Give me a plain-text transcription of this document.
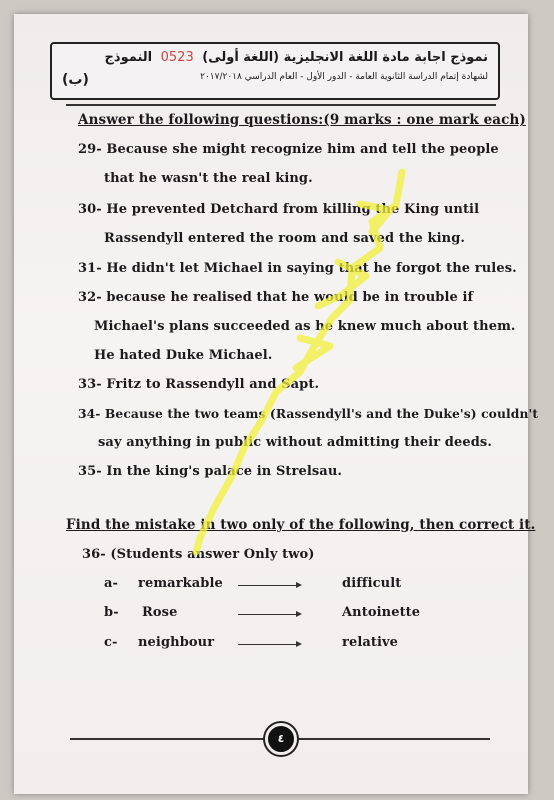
نموذج اجابة مادة اللغة الانجليزية (اللغة أولى) 0523 النموذج
لشهادة إتمام الدراسة الثانوية العامة - الدور الأول - العام الدراسي ٢٠١٧/٢٠١٨
(ب)
Answer the following questions:(9 marks : one mark each)
29- Because she might recognize him and tell the people
that he wasn't the real king.
30- He prevented Detchard from killing the King until
Rassendyll entered the room and saved the king.
31- He didn't let Michael in saying that he forgot the rules.
32- because he realised that he would be in trouble if
Michael's plans succeeded as he knew much about them.
He hated Duke Michael.
33- Fritz to Rassendyll and Sapt.
34- Because the two teams (Rassendyll's and the Duke's) couldn't
say anything in public without admitting their deeds.
35- In the king's palace in Strelsau.
Find the mistake in two only of the following, then correct it.
36- (Students answer Only two)
a- remarkable	difficult
b- Rose	Antoinette
c- neighbour	relative
٤
